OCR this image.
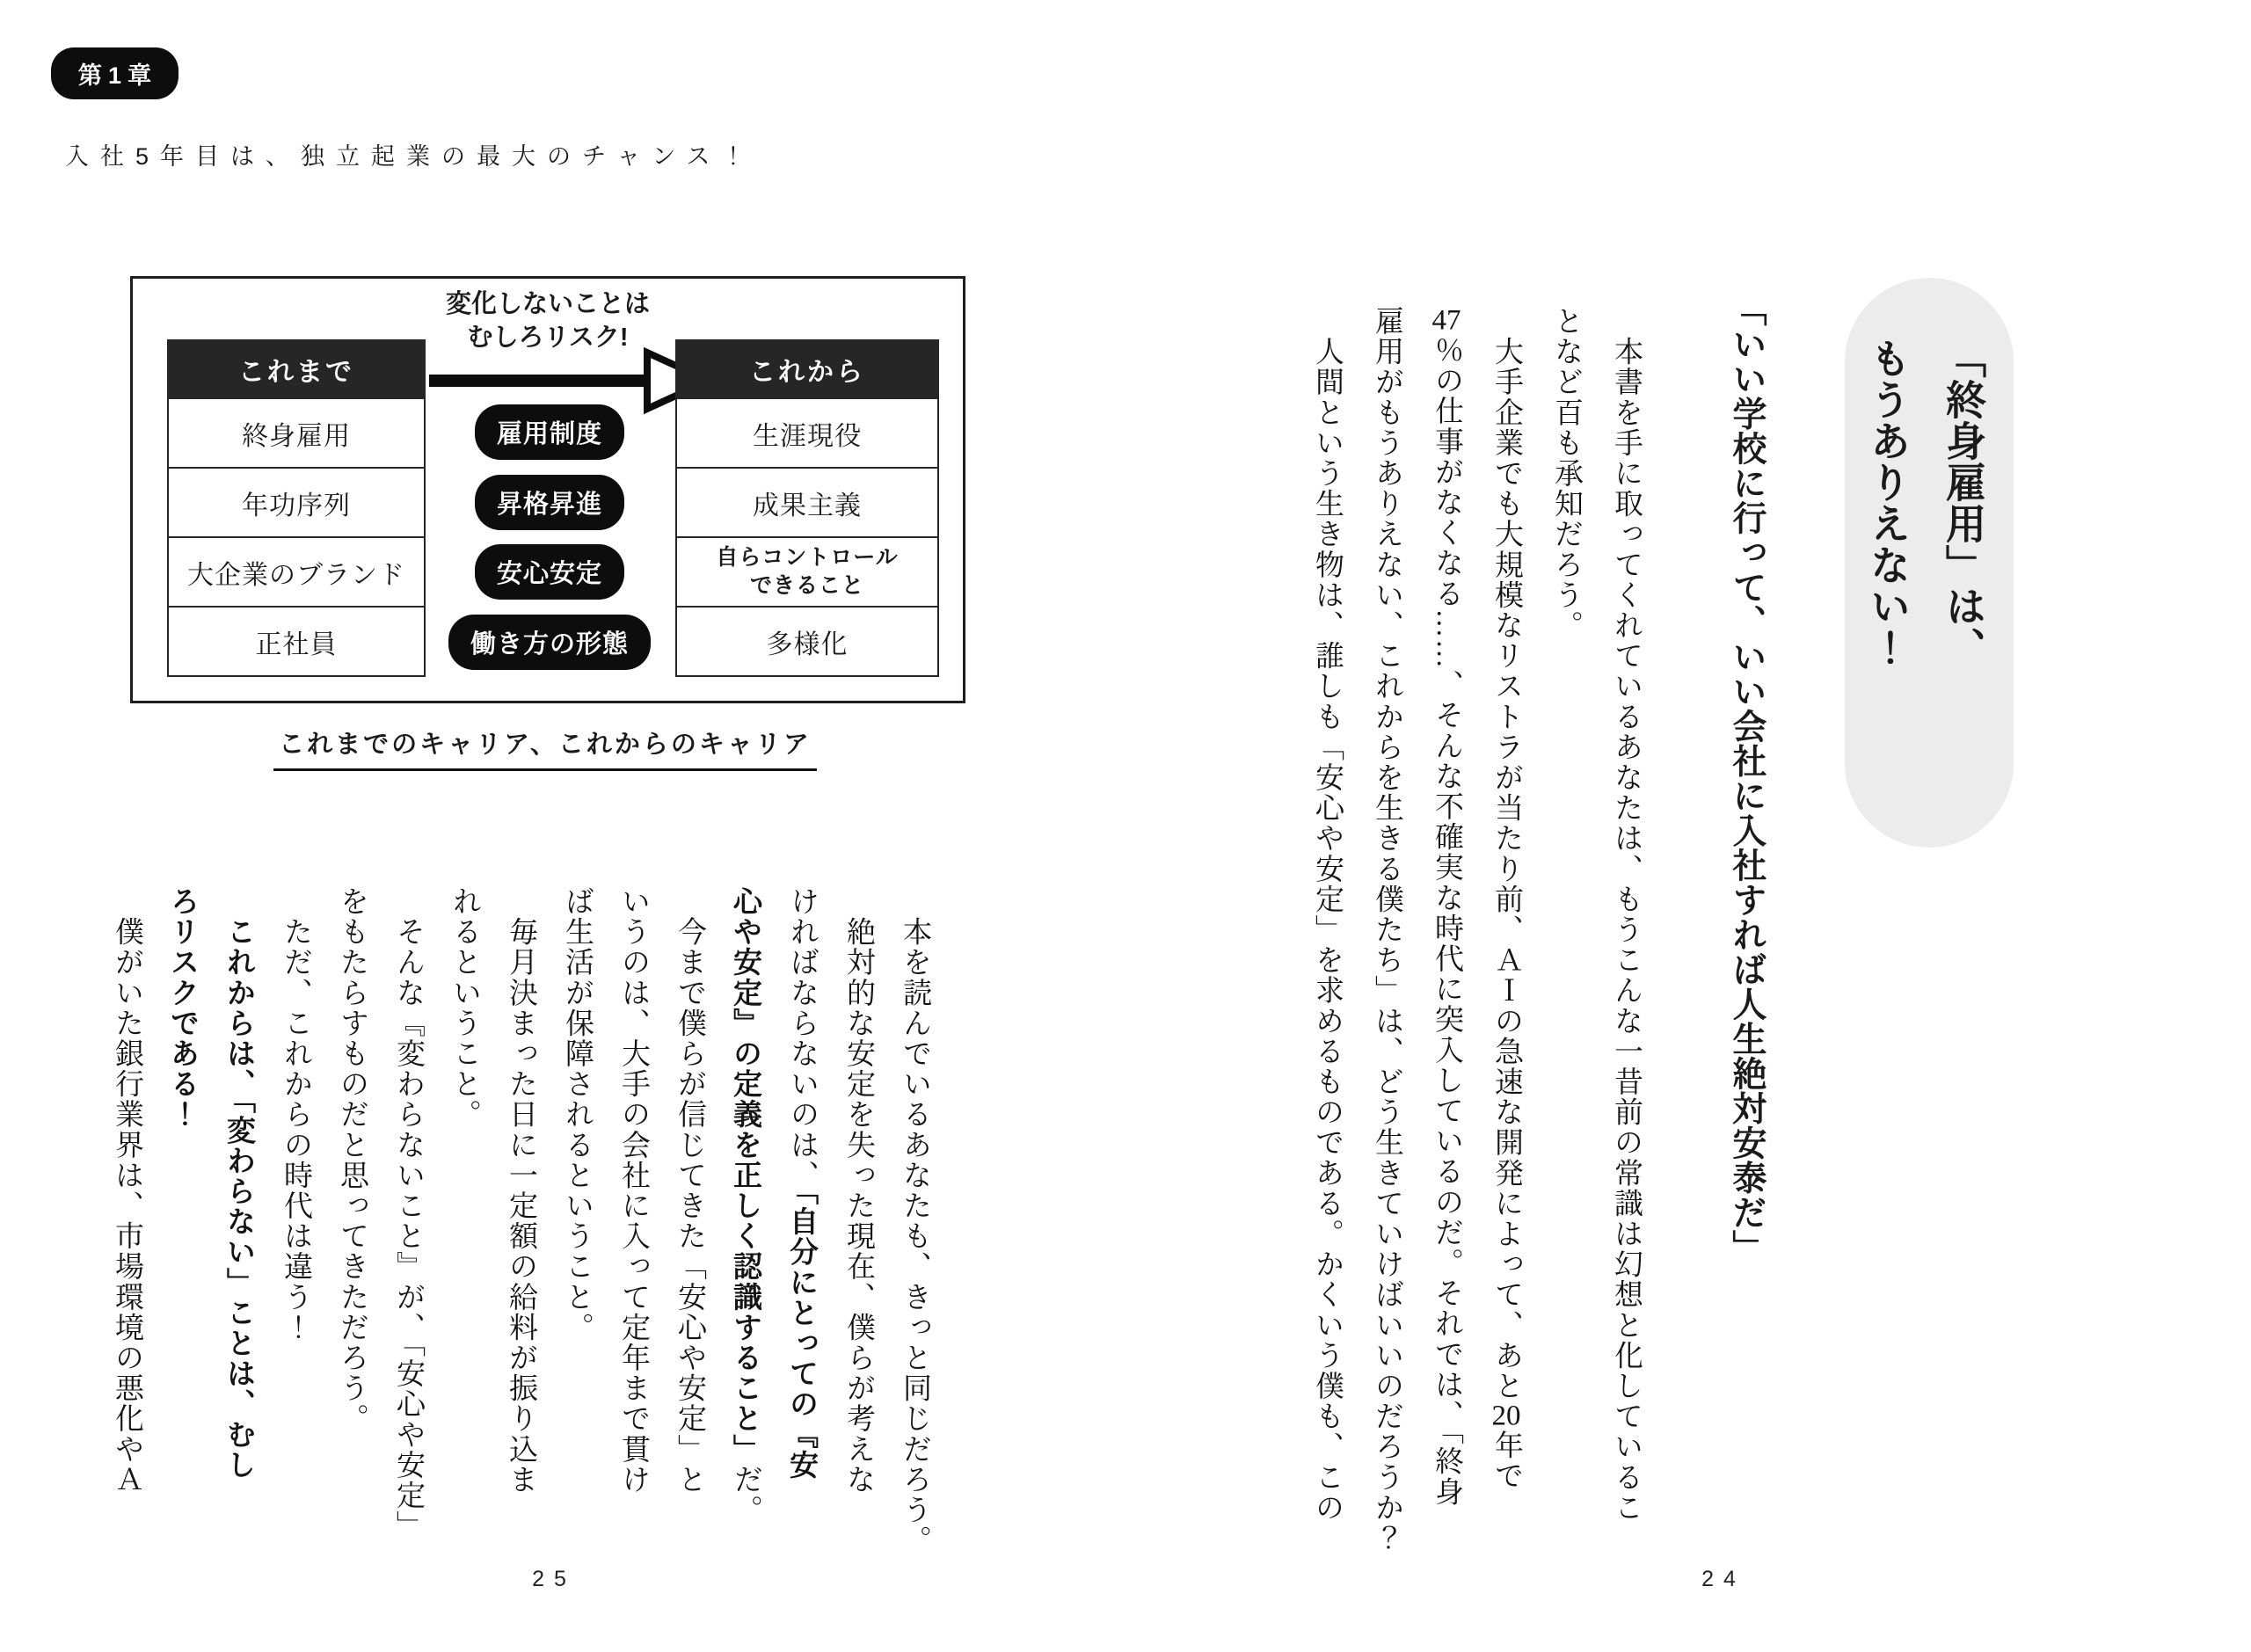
第1章
入社5年目は、独立起業の最大のチャンス！
変化しないことは
むしろリスク!
これまで
終身雇用
年功序列
大企業のブランド
正社員
これから
生涯現役
成果主義
自らコントロール
できること
多様化
雇用制度
昇格昇進
安心安定
働き方の形態
これまでのキャリア、これからのキャリア

　本を読んでいるあなたも、きっと同じだろう。

　絶対的な安定を失った現在、僕らが考えな

ければならないのは、「自分にとっての『安

心や安定』の定義を正しく認識すること」だ。

　今まで僕らが信じてきた「安心や安定」と

いうのは、大手の会社に入って定年まで貫け

ば生活が保障されるということ。

　毎月決まった日に一定額の給料が振り込ま

れるということ。

　そんな『変わらないこと』が、「安心や安定」

をもたらすものだと思ってきただろう。

　ただ、これからの時代は違う！

　これからは、「変わらない」ことは、むし

ろリスクである！

　僕がいた銀行業界は、市場環境の悪化やＡ

25

「終身雇用」は、

もうありえない！

「いい学校に行って、いい会社に入社すれば人生絶対安泰だ」

　本書を手に取ってくれているあなたは、もうこんな一昔前の常識は幻想と化しているこ

となど百も承知だろう。

　大手企業でも大規模なリストラが当たり前、ＡＩの急速な開発によって、あと20年で

47％の仕事がなくなる……、そんな不確実な時代に突入しているのだ。それでは、「終身

雇用がもうありえない、これからを生きる僕たち」は、どう生きていけばいいのだろうか？

　人間という生き物は、誰しも「安心や安定」を求めるものである。かくいう僕も、この

24
